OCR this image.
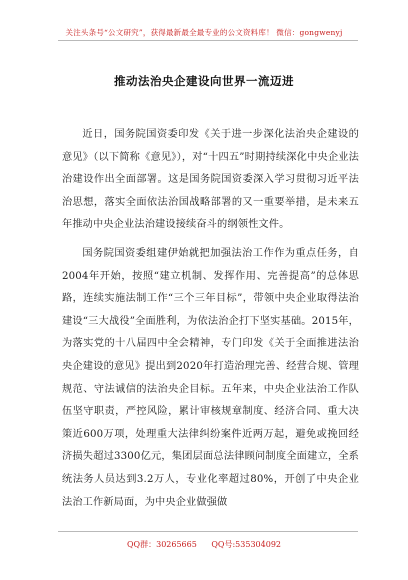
关注头条号“公文研究”，获得最新最全最专业的公文资料库！ 微信：gongwenyj
推动法治央企建设向世界一流迈进

近日，国务院国资委印发《关于进一步深化法治央企建设的意见》（以下简称《意见》），对“十四五”时期持续深化中央企业法治建设作出全面部署。这是国务院国资委深入学习贯彻习近平法治思想，落实全面依法治国战略部署的又一重要举措，是未来五年推动中央企业法治建设接续奋斗的纲领性文件。

国务院国资委组建伊始就把加强法治工作作为重点任务，自2004年开始，按照“建立机制、发挥作用、完善提高”的总体思路，连续实施法制工作“三个三年目标”，带领中央企业取得法治建设“三大战役”全面胜利，为依法治企打下坚实基础。2015年，为落实党的十八届四中全会精神，专门印发《关于全面推进法治央企建设的意见》提出到2020年打造治理完善、经营合规、管理规范、守法诚信的法治央企目标。五年来，中央企业法治工作队伍坚守职责，严控风险，累计审核规章制度、经济合同、重大决策近600万项，处理重大法律纠纷案件近两万起，避免或挽回经济损失超过3300亿元，集团层面总法律顾问制度全面建立，全系统法务人员达到3.2万人，专业化率超过80%，开创了中央企业法治工作新局面，为中央企业做强做

QQ群：30265665 QQ号:535304092
